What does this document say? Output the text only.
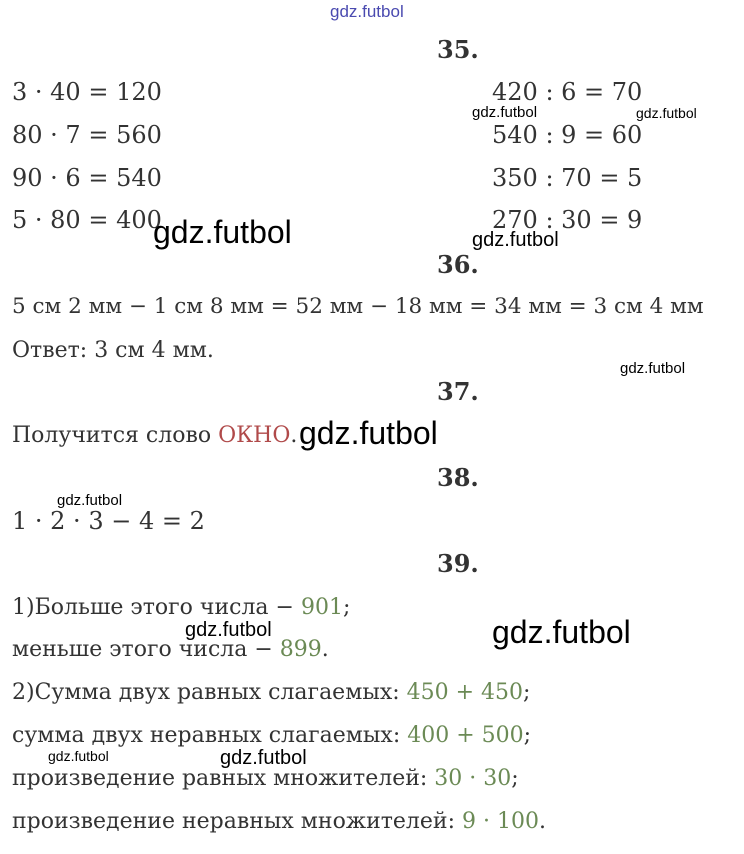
gdz.futbol
35.
3 · 40 = 120
80 · 7 = 560
90 · 6 = 540
5 · 80 = 400
420 : 6 = 70
540 : 9 = 60
350 : 70 = 5
270 : 30 = 9
36.
5 см 2 мм − 1 см 8 мм = 52 мм − 18 мм = 34 мм = 3 см 4 мм
Ответ: 3 см 4 мм.
37.
Получится слово ОКНО.
38.
1 · 2 · 3 − 4 = 2
39.
1)Больше этого числа − 901;
меньше этого числа − 899.
2)Сумма двух равных слагаемых: 450 + 450;
сумма двух неравных слагаемых: 400 + 500;
произведение равных множителей: 30 · 30;
произведение неравных множителей: 9 · 100.
gdz.futbol	gdz.futbol
gdz.futbol	gdz.futbol
gdz.futbol
gdz.futbol
gdz.futbol
gdz.futbol	gdz.futbol
gdz.futbol	gdz.futbol
